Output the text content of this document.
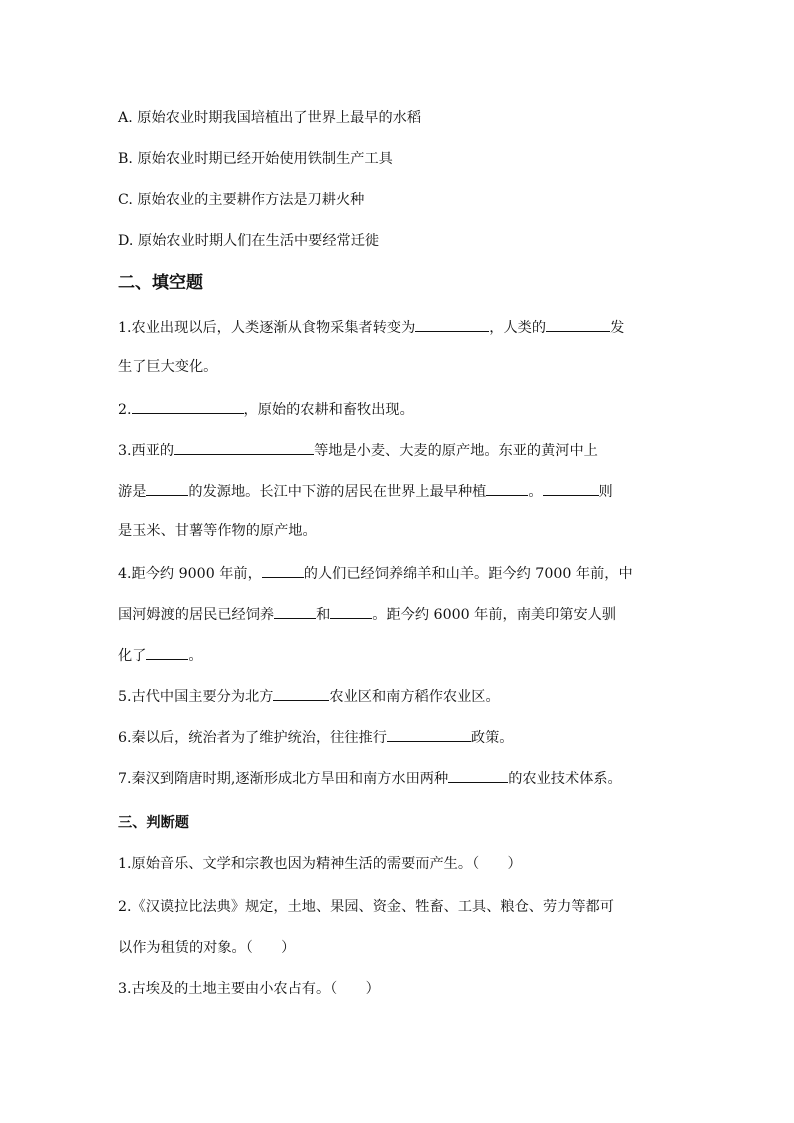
A. 原始农业时期我国培植出了世界上最早的水稻
B. 原始农业时期已经开始使用铁制生产工具
C. 原始农业的主要耕作方法是刀耕火种
D. 原始农业时期人们在生活中要经常迁徙
二、填空题
1.农业出现以后，人类逐渐从食物采集者转变为	，人类的	发
生了巨大变化。
2.	，原始的农耕和畜牧出现。
3.西亚的	等地是小麦、大麦的原产地。东亚的黄河中上
游是	的发源地。长江中下游的居民在世界上最早种植	。	则
是玉米、甘薯等作物的原产地。
4.距今约 9000 年前，	的人们已经饲养绵羊和山羊。距今约 7000 年前，中
国河姆渡的居民已经饲养	和	。距今约 6000 年前，南美印第安人驯
化了	。
5.古代中国主要分为北方	农业区和南方稻作农业区。
6.秦以后，统治者为了维护统治，往往推行	政策。
7.秦汉到隋唐时期,逐渐形成北方旱田和南方水田两种	的农业技术体系。
三、判断题
1.原始音乐、文学和宗教也因为精神生活的需要而产生。（　　）
2.《汉谟拉比法典》规定，土地、果园、资金、牲畜、工具、粮仓、劳力等都可
以作为租赁的对象。（　　）
3.古埃及的土地主要由小农占有。（　　）
